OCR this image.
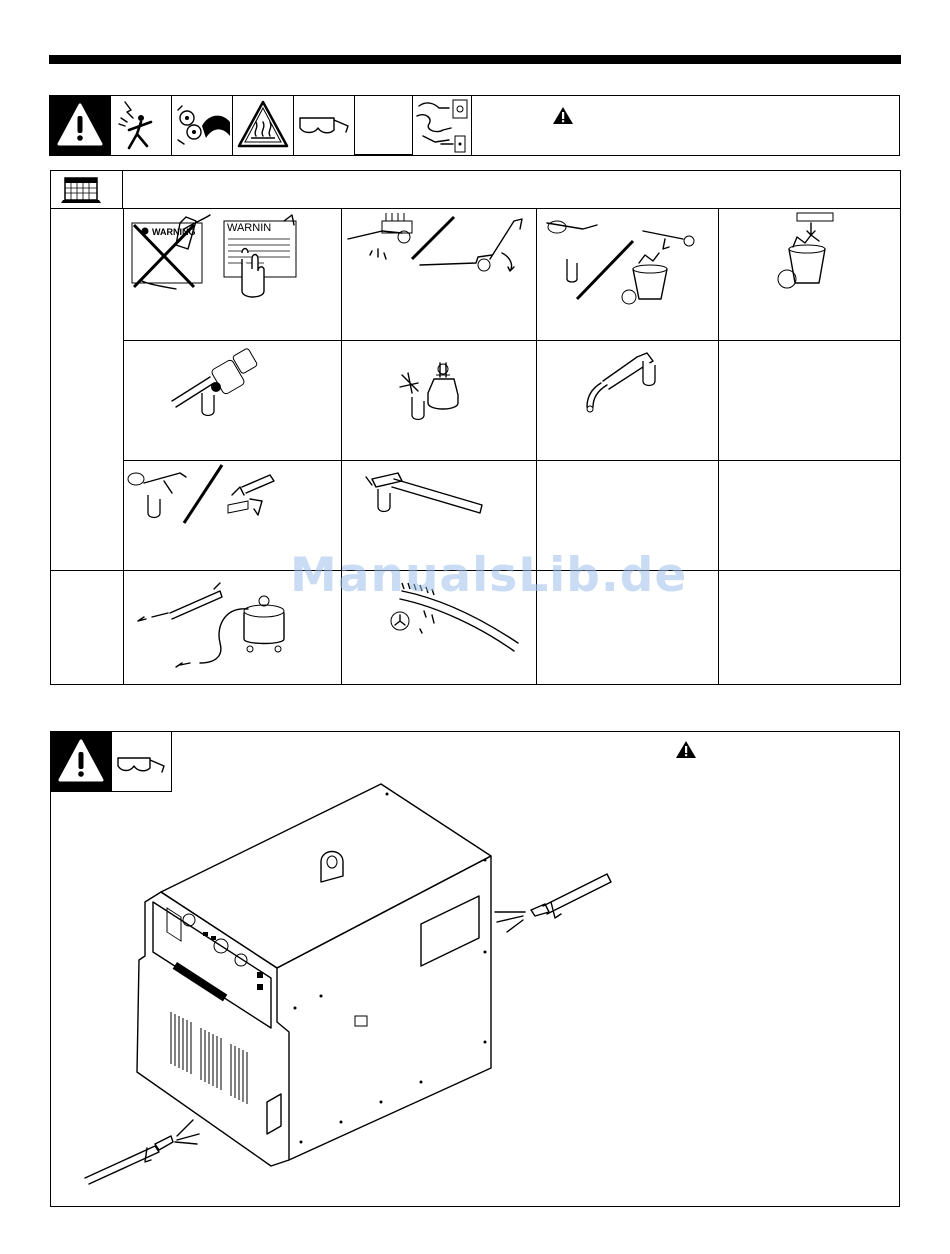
WARNING	WARNIN
ManualsLib.de
